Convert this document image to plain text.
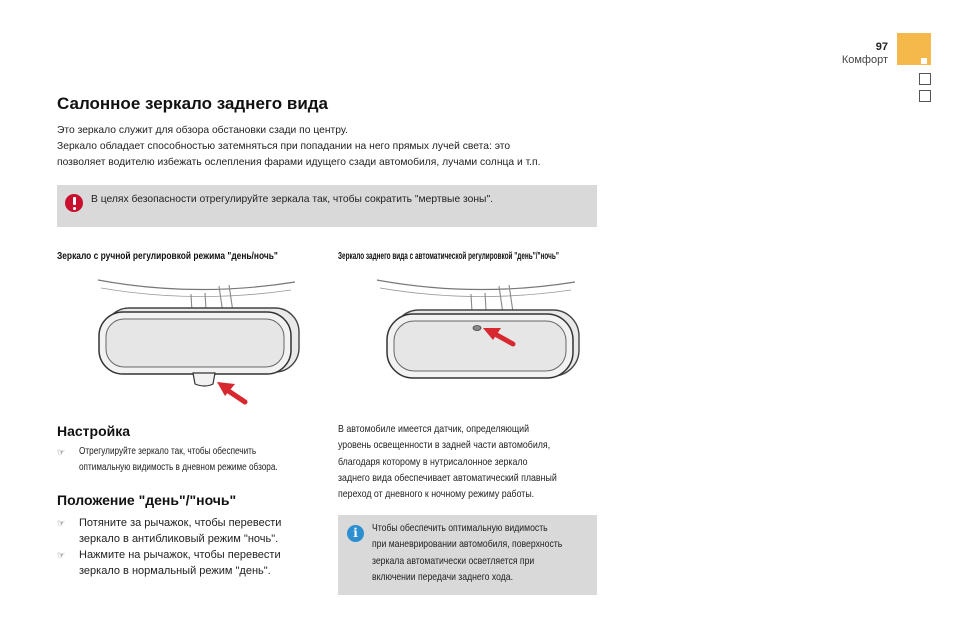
97
Комфорт
Салонное зеркало заднего вида

Это зеркало служит для обзора обстановки сзади по центру.

Зеркало обладает способностью затемняться при попадании на него прямых лучей света: это

позволяет водителю избежать ослепления фарами идущего сзади автомобиля, лучами солнца и т.п.

В целях безопасности отрегулируйте зеркала так, чтобы сократить "мертвые зоны".
Зеркало с ручной регулировкой режима "день/ночь"	Зеркало заднего вида с автоматической регулировкой "день"/"ночь"
Настройка
☞ Отрегулируйте зеркало так, чтобы обеспечить
оптимальную видимость в дневном режиме обзора.
Положение "день"/"ночь"
☞ Потяните за рычажок, чтобы перевести
зеркало в антибликовый режим "ночь".
☞ Нажмите на рычажок, чтобы перевести
зеркало в нормальный режим "день".
В автомобиле имеется датчик, определяющий
уровень освещенности в задней части автомобиля,
благодаря которому в нутрисалонное зеркало
заднего вида обеспечивает автоматический плавный
переход от дневного к ночному режиму работы.
i	Чтобы обеспечить оптимальную видимость
при маневрировании автомобиля, поверхность
зеркала автоматически осветляется при
включении передачи заднего хода.
